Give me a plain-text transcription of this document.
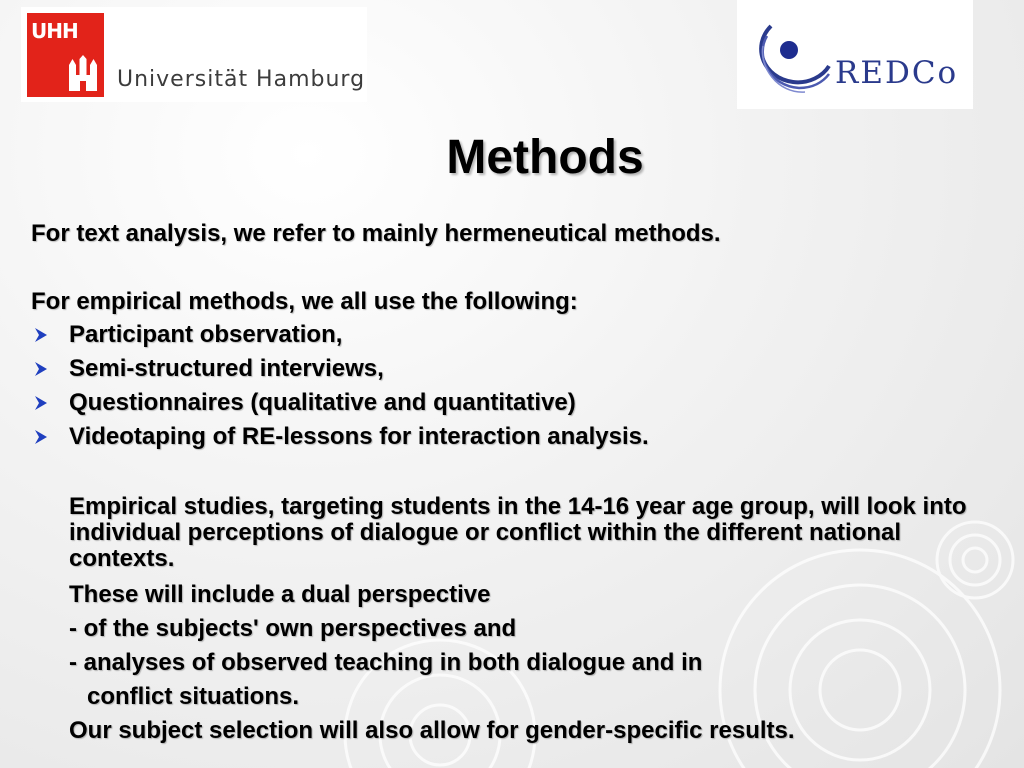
UHH
Universität Hamburg	REDCo
Methods
For text analysis, we refer to mainly hermeneutical methods.
For empirical methods, we all use the following:
Participant observation,
Semi-structured interviews,
Questionnaires (qualitative and quantitative)
Videotaping of RE-lessons for interaction analysis.
Empirical studies, targeting students in the 14-16 year age group, will look into individual perceptions of dialogue or conflict within the different national contexts.
These will include a dual perspective
- of the subjects' own perspectives and
- analyses of observed teaching in both dialogue and in
conflict situations.
Our subject selection will also allow for gender-specific results.
